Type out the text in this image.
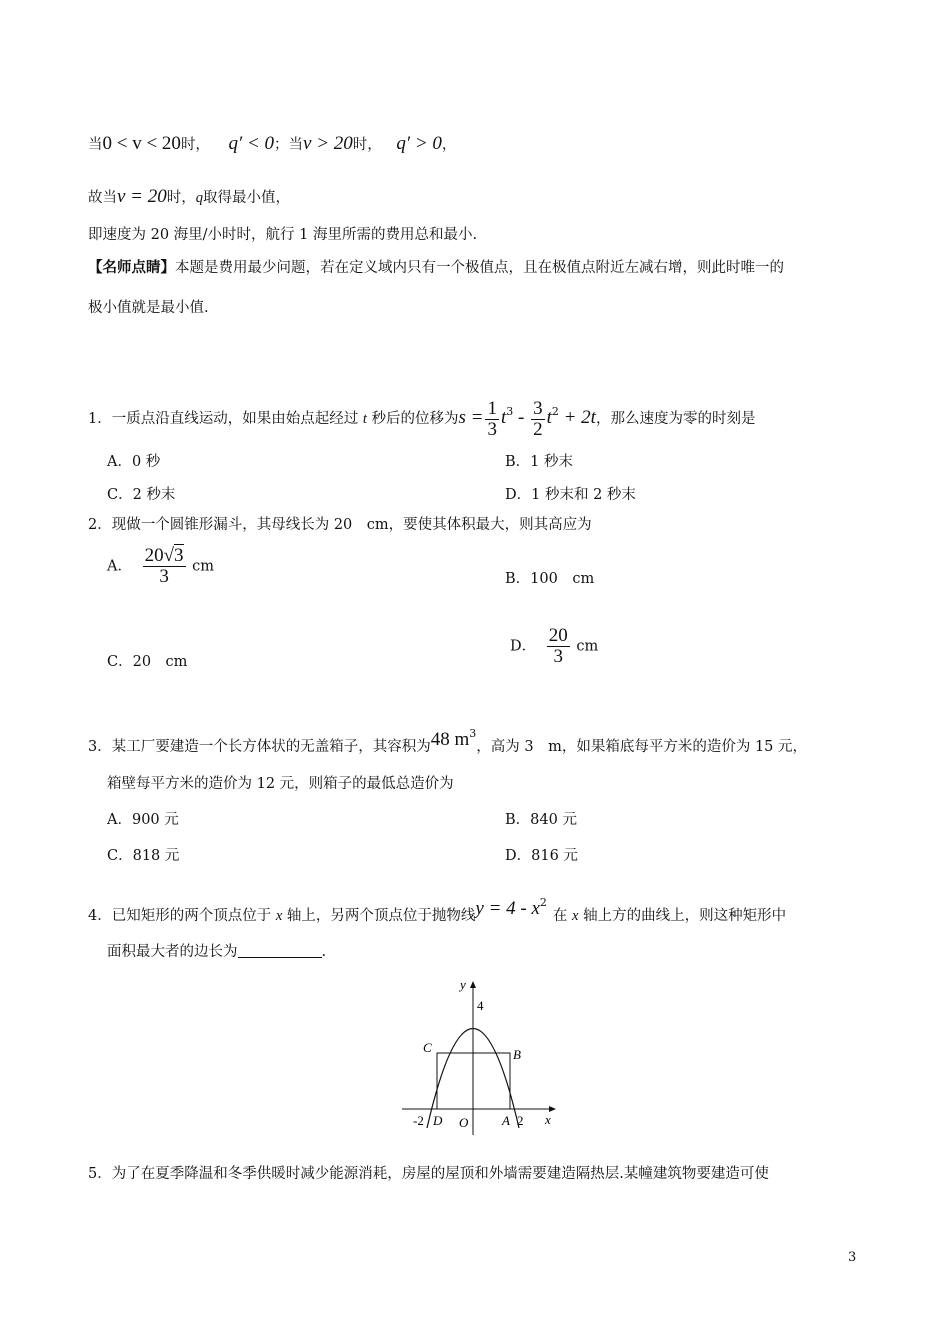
当0 < v < 20时， q′ < 0；当v > 20时， q′ > 0，
故当v = 20时，q取得最小值，
即速度为 20 海里/小时时，航行 1 海里所需的费用总和最小.
【名师点睛】本题是费用最少问题，若在定义域内只有一个极值点，且在极值点附近左减右增，则此时唯一的
极小值就是最小值.
1．一质点沿直线运动，如果由始点起经过 t 秒后的位移为$s = \frac{1}{3} t^3 - \frac{3}{2} t^2 + 2t$，那么速度为零的时刻是
A．0 秒	B．1 秒末
C．2 秒末	D．1 秒末和 2 秒末
2．现做一个圆锥形漏斗，其母线长为 20　cm，要使其体积最大，则其高应为
A． $\frac{20√3}{3}$ cm
B．100　cm
C．20　cm
D． $\frac{20}{3}$ cm
3．某工厂要建造一个长方体状的无盖箱子，其容积为48 $m^3$，高为 3　m，如果箱底每平方米的造价为 15 元，
箱壁每平方米的造价为 12 元，则箱子的最低总造价为
A．900 元	B．840 元
C．818 元	D．816 元
4．已知矩形的两个顶点位于 x 轴上，另两个顶点位于抛物线$y = 4 - x^2$在 x 轴上方的曲线上，则这种矩形中
面积最大者的边长为	.
y
x
4
C	B
-2 D O	A 2
5．为了在夏季降温和冬季供暖时减少能源消耗，房屋的屋顶和外墙需要建造隔热层.某幢建筑物要建造可使
3
